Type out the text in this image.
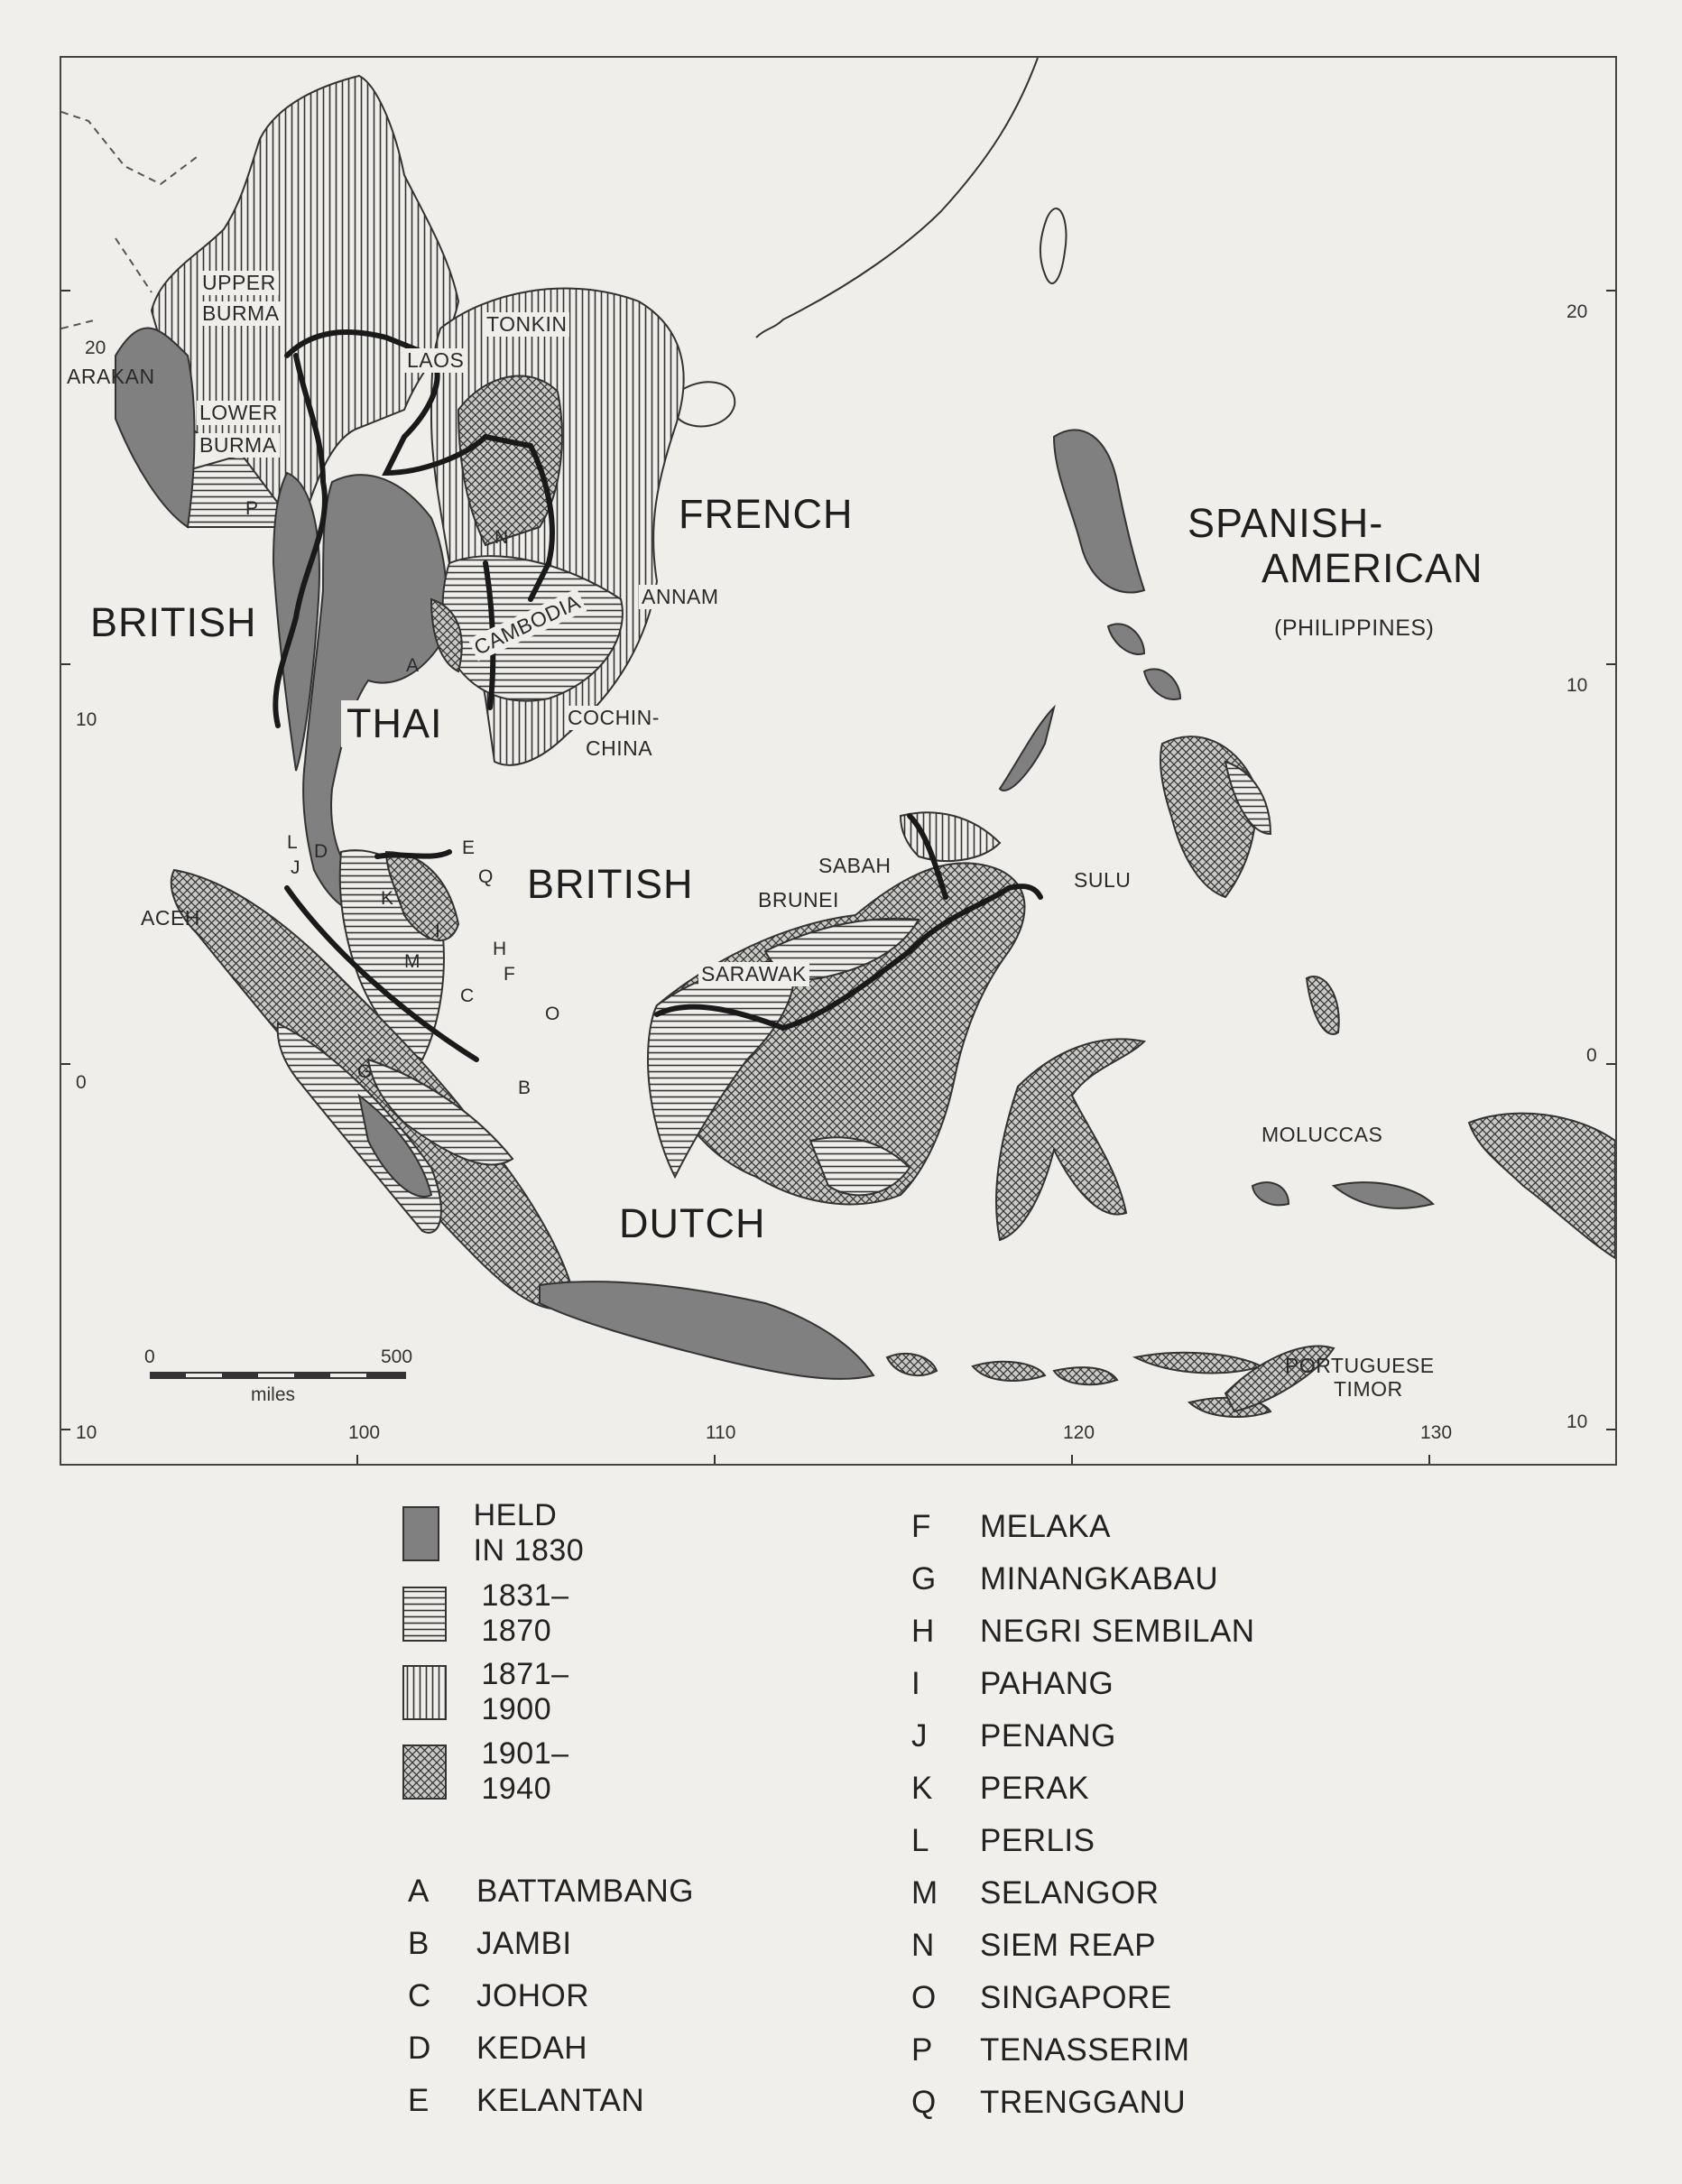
BRITISH
FRENCH
THAI
SPANISH-
AMERICAN
(PHILIPPINES)
BRITISH
DUTCH
UPPER
BURMA
ARAKAN
LOWER
BURMA
LAOS
TONKIN
ANNAM
CAMBODIA
COCHIN-
CHINA
ACEH
SABAH
BRUNEI
SARAWAK
SULU
MOLUCCAS
PORTUGUESE
TIMOR
A
N
P
L D
J
E
Q
K
I
H
M
F
C
O
G
B
20
10
0
10
20
10
0
10
100	110	120	130
0	500
miles
HELD IN 1830
1831–1870
1871–1900
1901–1940
A BATTAMBANG
B JAMBI
C JOHOR
D KEDAH
E KELANTAN
F MELAKA
G MINANGKABAU
H NEGRI SEMBILAN
I PAHANG
J PENANG
K PERAK
L PERLIS
M SELANGOR
N SIEM REAP
O SINGAPORE
P TENASSERIM
Q TRENGGANU
